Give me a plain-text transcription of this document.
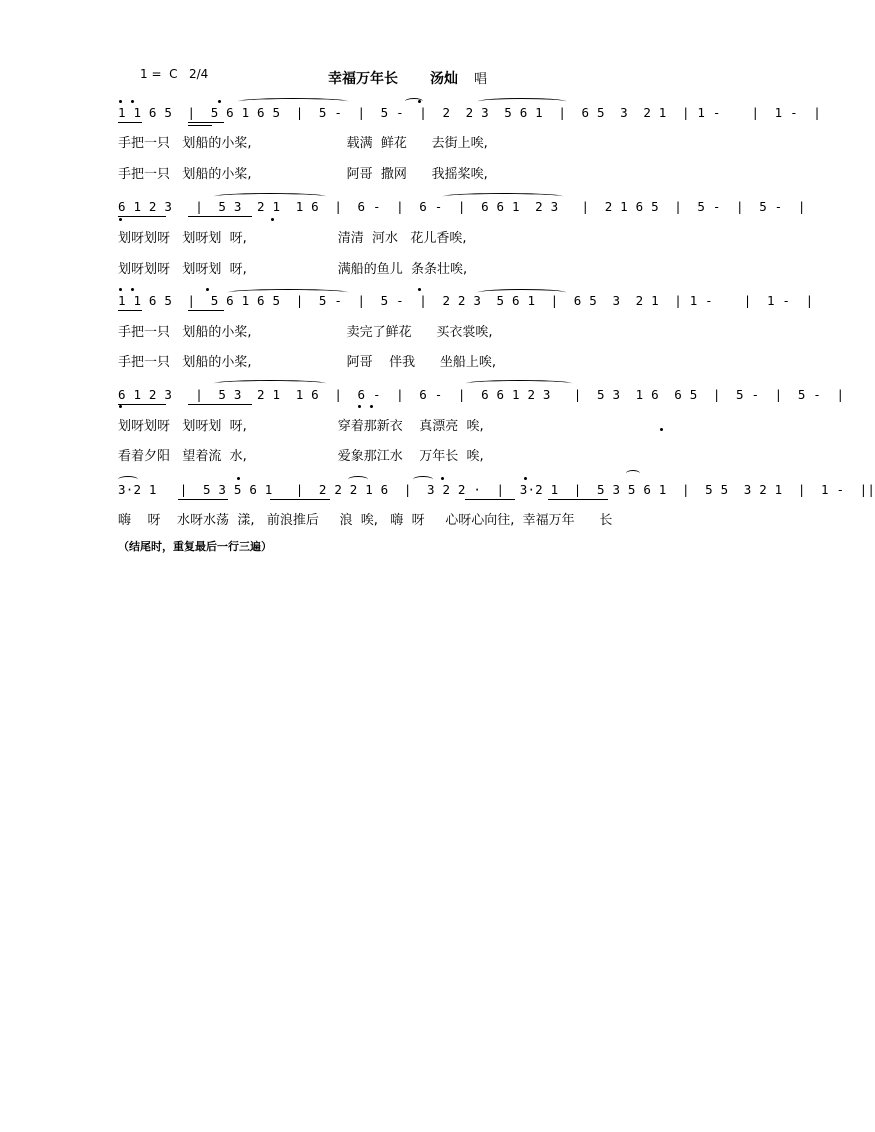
1 =  C   2/4	幸福万年长 汤灿 唱
1 1 6 5  |  5 6 1 6 5  |  5 -  |  5 -  |  2  2 3  5 6 1  |  6 5  3  2 1  | 1 -    |  1 -  |
手把一只   划船的小桨,                       载满  鲜花      去街上唉,
手把一只   划船的小桨,                       阿哥  撒网      我摇桨唉,
6 1 2 3   |  5 3  2 1  1 6  |  6 -  |  6 -  |  6 6 1  2 3   |  2 1 6 5  |  5 -  |  5 -  |
划呀划呀   划呀划  呀,                      清清  河水   花儿香唉,
划呀划呀   划呀划  呀,                      满船的鱼儿  条条壮唉,
1 1 6 5  |  5 6 1 6 5  |  5 -  |  5 -  |  2 2 3  5 6 1  |  6 5  3  2 1  | 1 -    |  1 -  |
手把一只   划船的小桨,                       卖完了鲜花      买衣裳唉,
手把一只   划船的小桨,                       阿哥    伴我      坐船上唉,
6 1 2 3   |  5 3  2 1  1 6  |  6 -  |  6 -  |  6 6 1 2 3   |  5 3  1 6  6 5  |  5 -  |  5 -  |
划呀划呀   划呀划  呀,                      穿着那新衣    真漂亮  唉,
看着夕阳   望着流  水,                      爱象那江水    万年长  唉,
3·2 1   |  5 3 5 6 1   |  2 2 2 1 6  |  3 2 2 ·  |  3·2 1  |  5 3 5 6 1  |  5 5  3 2 1  |  1 -  ||
嗨    呀    水呀水荡  漾,   前浪推后     浪  唉,   嗨  呀     心呀心向往,  幸福万年      长
（结尾时，重复最后一行三遍）
